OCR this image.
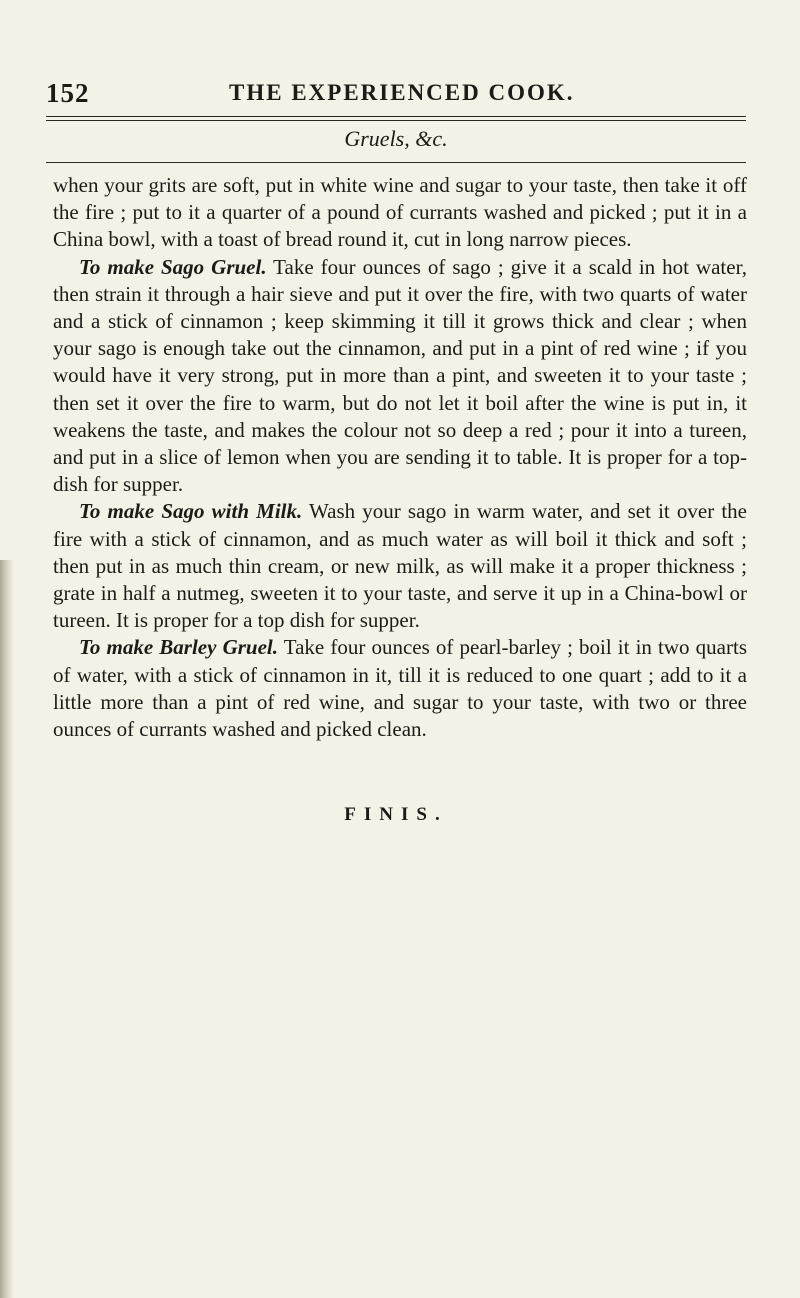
152	THE EXPERIENCED COOK.
Gruels, &c.

when your grits are soft, put in white wine and sugar to your taste, then take it off the fire ; put to it a quarter of a pound of currants washed and picked ; put it in a China bowl, with a toast of bread round it, cut in long narrow pieces.

To make Sago Gruel. Take four ounces of sago ; give it a scald in hot water, then strain it through a hair sieve and put it over the fire, with two quarts of water and a stick of cinnamon ; keep skimming it till it grows thick and clear ; when your sago is enough take out the cinnamon, and put in a pint of red wine ; if you would have it very strong, put in more than a pint, and sweeten it to your taste ; then set it over the fire to warm, but do not let it boil after the wine is put in, it weakens the taste, and makes the colour not so deep a red ; pour it into a tureen, and put in a slice of lemon when you are sending it to table. It is proper for a top-dish for supper.

To make Sago with Milk. Wash your sago in warm water, and set it over the fire with a stick of cinnamon, and as much water as will boil it thick and soft ; then put in as much thin cream, or new milk, as will make it a proper thickness ; grate in half a nutmeg, sweeten it to your taste, and serve it up in a China-bowl or tureen. It is proper for a top dish for supper.

To make Barley Gruel. Take four ounces of pearl-barley ; boil it in two quarts of water, with a stick of cinnamon in it, till it is reduced to one quart ; add to it a little more than a pint of red wine, and sugar to your taste, with two or three ounces of currants washed and picked clean.

FINIS.
